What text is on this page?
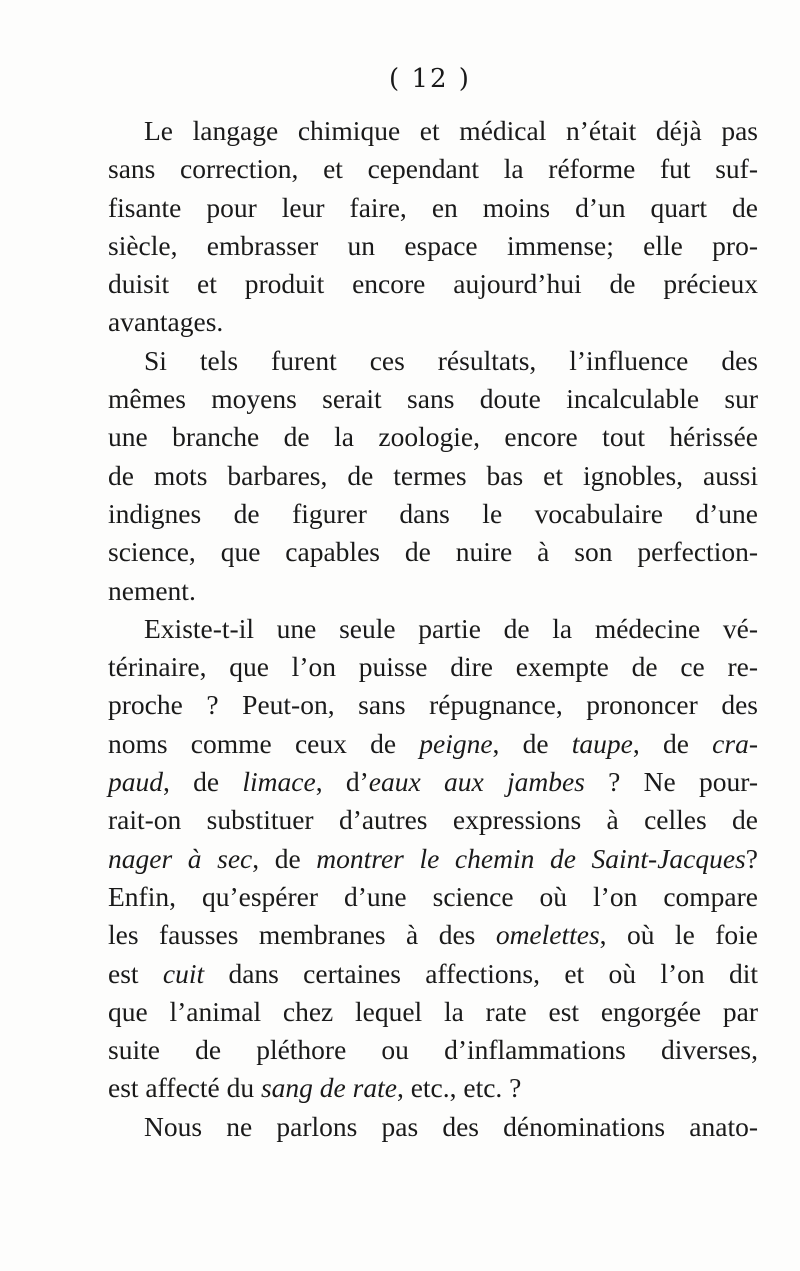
( 12 )
Le langage chimique et médical n’était déjà pas
sans correction, et cependant la réforme fut suf-
fisante pour leur faire, en moins d’un quart de
siècle, embrasser un espace immense; elle pro-
duisit et produit encore aujourd’hui de précieux
avantages.
Si tels furent ces résultats, l’influence des
mêmes moyens serait sans doute incalculable sur
une branche de la zoologie, encore tout hérissée
de mots barbares, de termes bas et ignobles, aussi
indignes de figurer dans le vocabulaire d’une
science, que capables de nuire à son perfection-
nement.
Existe-t-il une seule partie de la médecine vé-
térinaire, que l’on puisse dire exempte de ce re-
proche ? Peut-on, sans répugnance, prononcer des
noms comme ceux de peigne, de taupe, de cra-
paud, de limace, d’eaux aux jambes ? Ne pour-
rait-on substituer d’autres expressions à celles de
nager à sec, de montrer le chemin de Saint-Jacques?
Enfin, qu’espérer d’une science où l’on compare
les fausses membranes à des omelettes, où le foie
est cuit dans certaines affections, et où l’on dit
que l’animal chez lequel la rate est engorgée par
suite de pléthore ou d’inflammations diverses,
est affecté du sang de rate, etc., etc. ?
Nous ne parlons pas des dénominations anato-
